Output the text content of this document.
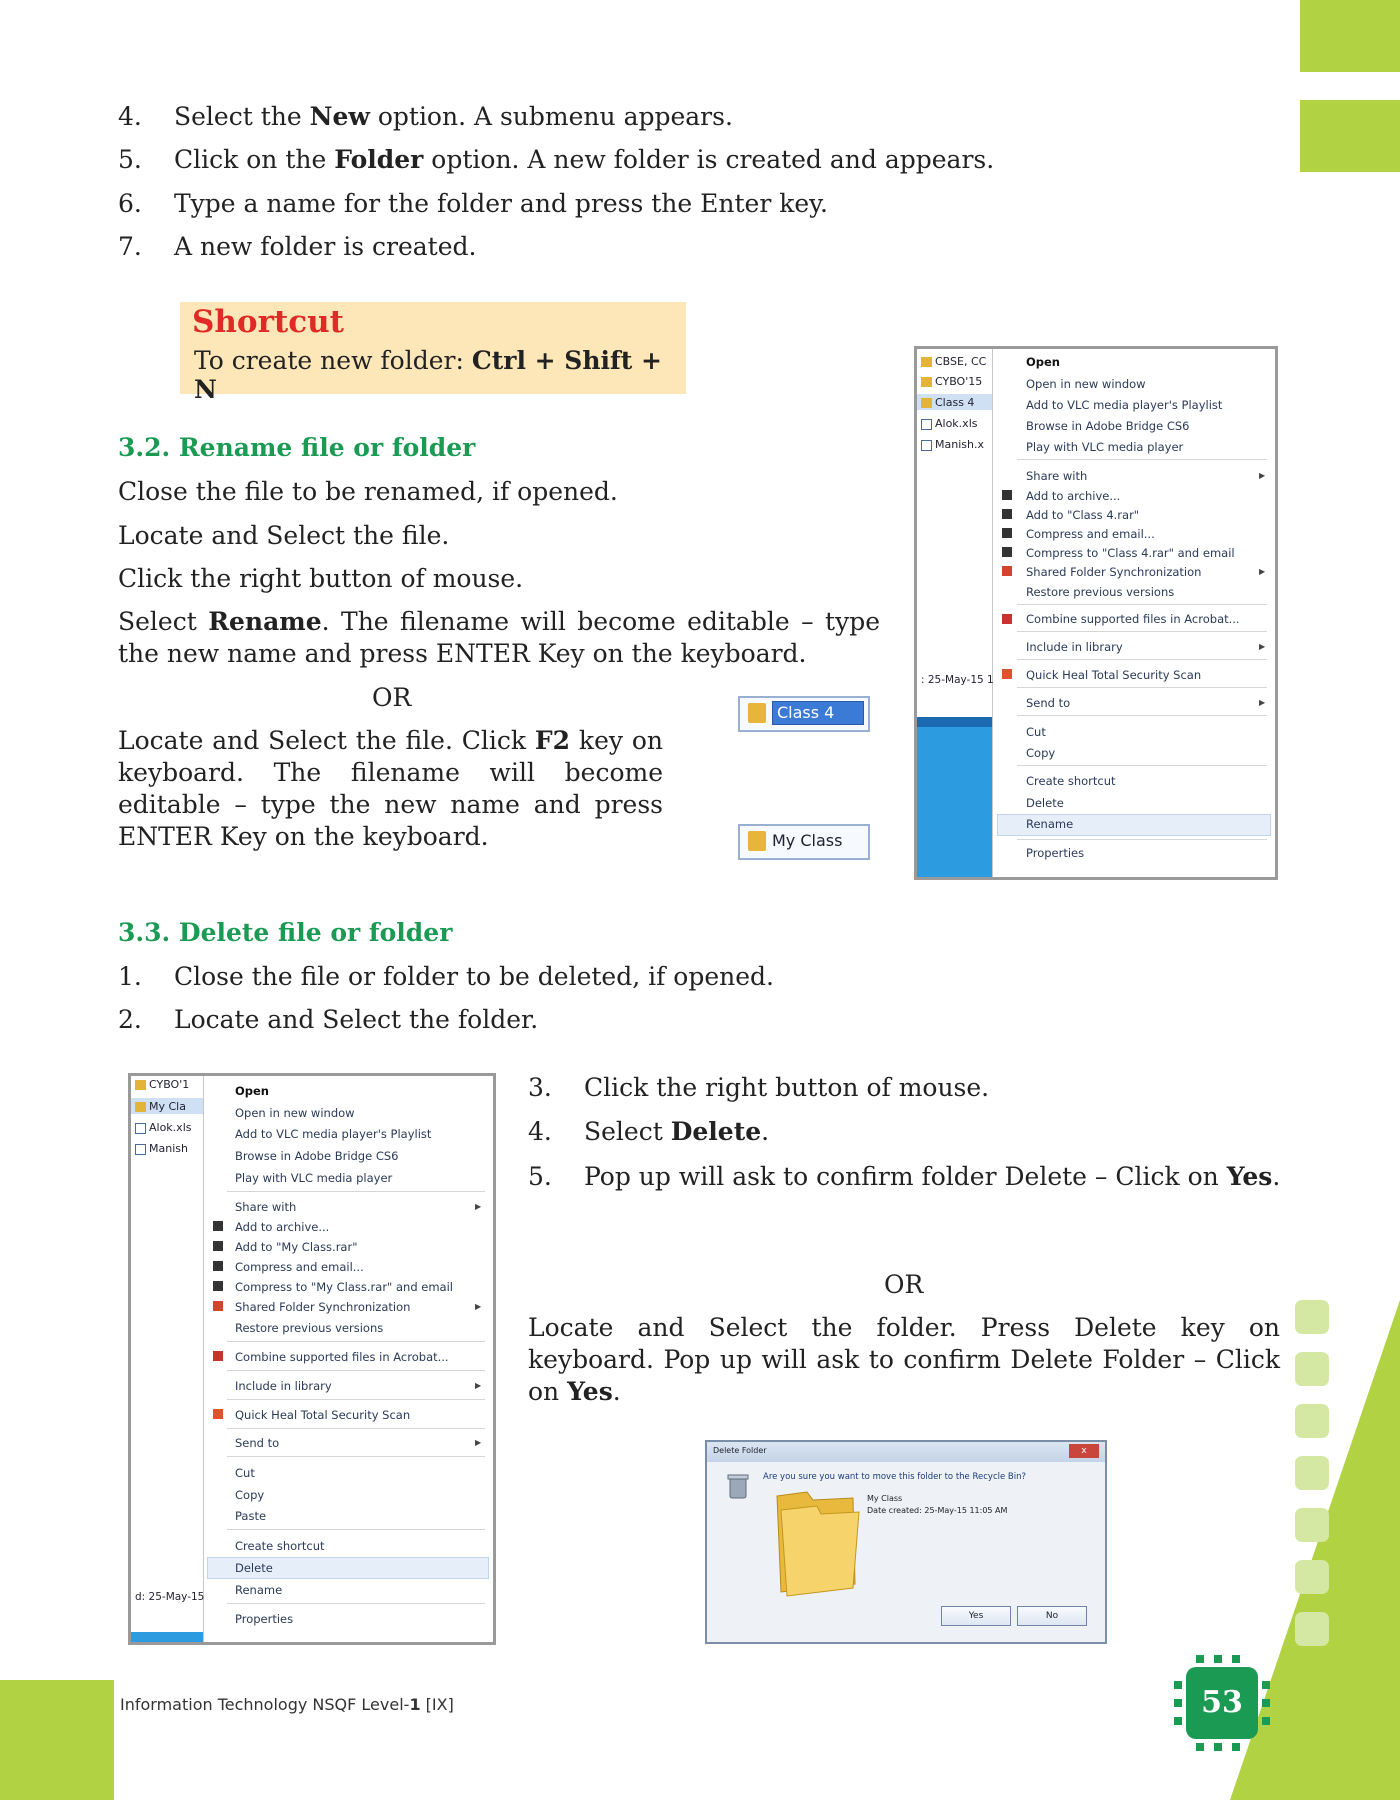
4. Select the New option. A submenu appears.
5. Click on the Folder option. A new folder is created and appears.
6. Type a name for the folder and press the Enter key.
7. A new folder is created.
Shortcut
To create new folder: Ctrl + Shift + N
3.2. Rename file or folder
Close the file to be renamed, if opened.
Locate and Select the file.
Click the right button of mouse.
Select Rename. The filename will become editable – type the new name and press ENTER Key on the keyboard.
OR
Locate and Select the file. Click F2 key on keyboard. The filename will become editable – type the new name and press ENTER Key on the keyboard.
Class 4
My Class
CBSE, CC
CYBO'15
Class 4
Alok.xls
Manish.x
: 25-May-15 1
Open
Open in new window
Add to VLC media player's Playlist
Browse in Adobe Bridge CS6
Play with VLC media player
Share with	▶
Add to archive...
Add to "Class 4.rar"
Compress and email...
Compress to "Class 4.rar" and email
Shared Folder Synchronization	▶
Restore previous versions
Combine supported files in Acrobat...
Include in library	▶
Quick Heal Total Security Scan
Send to	▶
Cut
Copy
Create shortcut
Delete
Rename
Properties
3.3. Delete file or folder
1. Close the file or folder to be deleted, if opened.
2. Locate and Select the folder.
3. Click the right button of mouse.
4. Select Delete.
5. Pop up will ask to confirm folder Delete – Click on Yes.
OR
Locate and Select the folder. Press Delete key on keyboard. Pop up will ask to confirm Delete Folder – Click on Yes.
CYBO'1
My Cla
Alok.xls
Manish
d: 25-May-15
Open
Open in new window
Add to VLC media player's Playlist
Browse in Adobe Bridge CS6
Play with VLC media player
Share with	▶
Add to archive...
Add to "My Class.rar"
Compress and email...
Compress to "My Class.rar" and email
Shared Folder Synchronization	▶
Restore previous versions
Combine supported files in Acrobat...
Include in library	▶
Quick Heal Total Security Scan
Send to	▶
Cut
Copy
Paste
Create shortcut
Delete
Rename
Properties
Delete Folder	x
Are you sure you want to move this folder to the Recycle Bin?
My Class
Date created: 25-May-15 11:05 AM
Yes	No
Information Technology NSQF Level-1 [IX]	53
